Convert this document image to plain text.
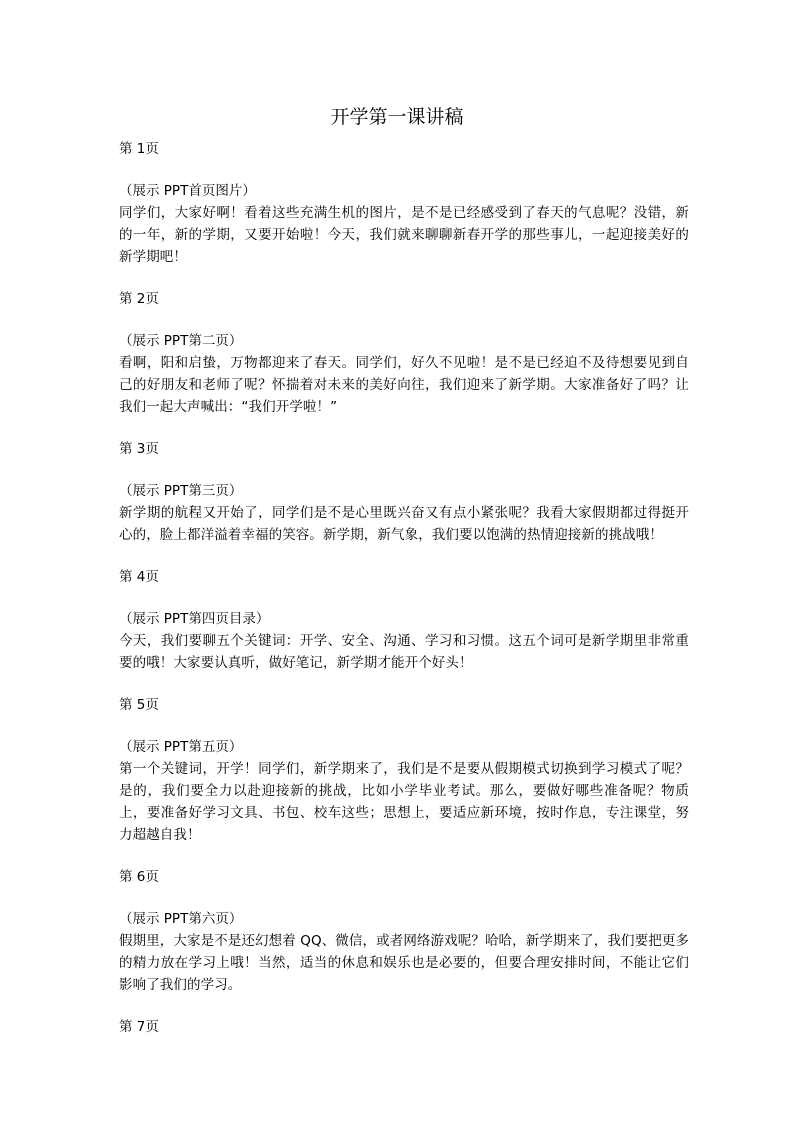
开学第一课讲稿

第 1页

（展示 PPT首页图片）

同学们，大家好啊！看着这些充满生机的图片，是不是已经感受到了春天的气息呢？没错，新的一年，新的学期，又要开始啦！今天，我们就来聊聊新春开学的那些事儿，一起迎接美好的新学期吧！

第 2页

（展示 PPT第二页）

看啊，阳和启蛰，万物都迎来了春天。同学们，好久不见啦！是不是已经迫不及待想要见到自己的好朋友和老师了呢？怀揣着对未来的美好向往，我们迎来了新学期。大家准备好了吗？让我们一起大声喊出：“我们开学啦！”

第 3页

（展示 PPT第三页）

新学期的航程又开始了，同学们是不是心里既兴奋又有点小紧张呢？我看大家假期都过得挺开心的，脸上都洋溢着幸福的笑容。新学期，新气象，我们要以饱满的热情迎接新的挑战哦！

第 4页

（展示 PPT第四页目录）

今天，我们要聊五个关键词：开学、安全、沟通、学习和习惯。这五个词可是新学期里非常重要的哦！大家要认真听，做好笔记，新学期才能开个好头！

第 5页

（展示 PPT第五页）

第一个关键词，开学！同学们，新学期来了，我们是不是要从假期模式切换到学习模式了呢？是的，我们要全力以赴迎接新的挑战，比如小学毕业考试。那么，要做好哪些准备呢？物质上，要准备好学习文具、书包、校车这些；思想上，要适应新环境，按时作息，专注课堂，努力超越自我！

第 6页

（展示 PPT第六页）

假期里，大家是不是还幻想着 QQ、微信，或者网络游戏呢？哈哈，新学期来了，我们要把更多的精力放在学习上哦！当然，适当的休息和娱乐也是必要的，但要合理安排时间，不能让它们影响了我们的学习。

第 7页
